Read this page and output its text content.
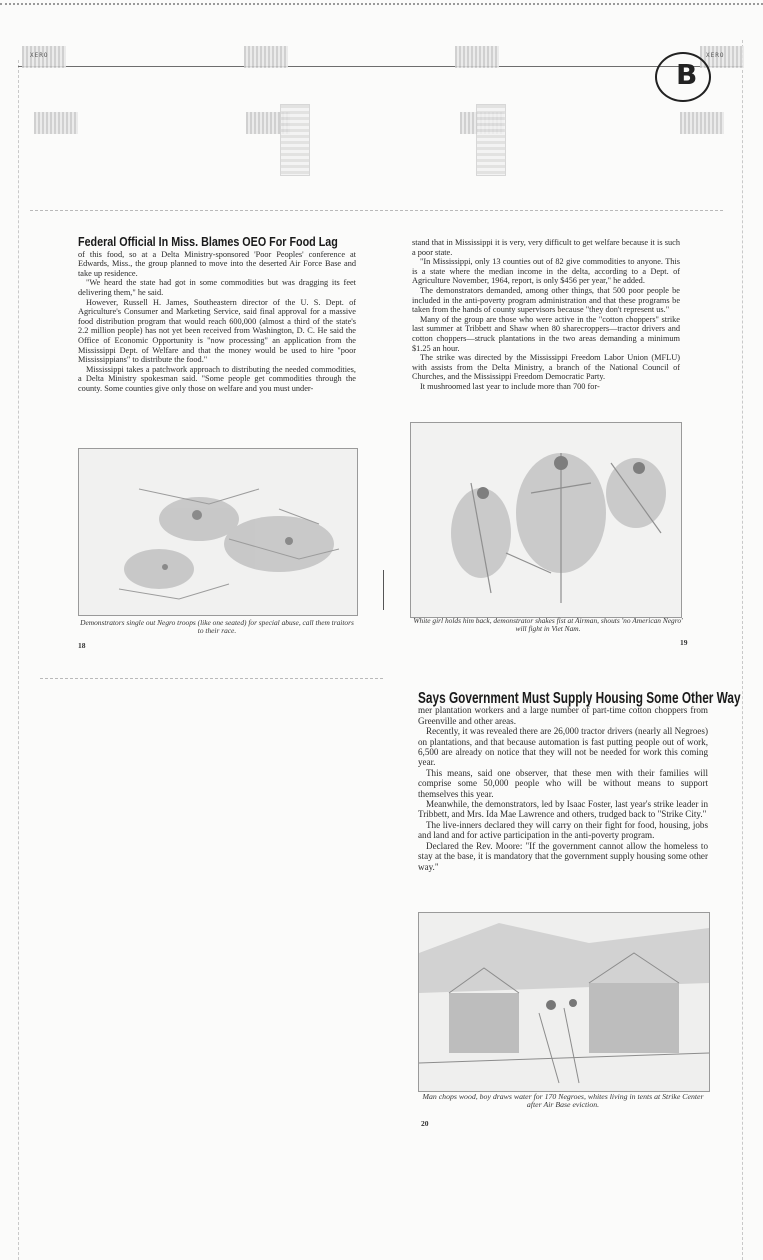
XERO	XERO
B
Federal Official In Miss. Blames OEO For Food Lag

of this food, so at a Delta Ministry-sponsored 'Poor Peoples' conference at Edwards, Miss., the group planned to move into the deserted Air Force Base and take up residence.

"We heard the state had got in some commodities but was dragging its feet delivering them," he said.

However, Russell H. James, Southeastern director of the U. S. Dept. of Agriculture's Consumer and Marketing Service, said final approval for a massive food distribution program that would reach 600,000 (almost a third of the state's 2.2 million people) has not yet been received from Washington, D. C. He said the Office of Economic Opportunity is "now processing" an application from the Mississippi Dept. of Welfare and that the money would be used to hire "poor Mississippians" to distribute the food."

Mississippi takes a patchwork approach to distributing the needed commodities, a Delta Ministry spokesman said. "Some people get commodities through the county. Some counties give only those on welfare and you must under-

Demonstrators single out Negro troops (like one seated) for special abuse, call them traitors to their race.
18

stand that in Mississippi it is very, very difficult to get welfare because it is such a poor state.

"In Mississippi, only 13 counties out of 82 give commodities to anyone. This is a state where the median income in the delta, according to a Dept. of Agriculture November, 1964, report, is only $456 per year," he added.

The demonstrators demanded, among other things, that 500 poor people be included in the anti-poverty program administration and that these programs be taken from the hands of county supervisors because "they don't represent us."

Many of the group are those who were active in the "cotton choppers" strike last summer at Tribbett and Shaw when 80 sharecroppers—tractor drivers and cotton choppers—struck plantations in the two areas demanding a minimum $1.25 an hour.

The strike was directed by the Mississippi Freedom Labor Union (MFLU) with assists from the Delta Ministry, a branch of the National Council of Churches, and the Mississippi Freedom Democratic Party.

It mushroomed last year to include more than 700 for-

White girl holds him back, demonstrator shakes fist at Airman, shouts 'no American Negro' will fight in Viet Nam.
19
Says Government Must Supply Housing Some Other Way

mer plantation workers and a large number of part-time cotton choppers from Greenville and other areas.

Recently, it was revealed there are 26,000 tractor drivers (nearly all Negroes) on plantations, and that because automation is fast putting people out of work, 6,500 are already on notice that they will not be needed for work this coming year.

This means, said one observer, that these men with their families will comprise some 50,000 people who will be without means to support themselves this year.

Meanwhile, the demonstrators, led by Isaac Foster, last year's strike leader in Tribbett, and Mrs. Ida Mae Lawrence and others, trudged back to "Strike City."

The live-inners declared they will carry on their fight for food, housing, jobs and land and for active participation in the anti-poverty program.

Declared the Rev. Moore: "If the government cannot allow the homeless to stay at the base, it is mandatory that the government supply housing some other way."

Man chops wood, boy draws water for 170 Negroes, whites living in tents at Strike Center after Air Base eviction.
20
